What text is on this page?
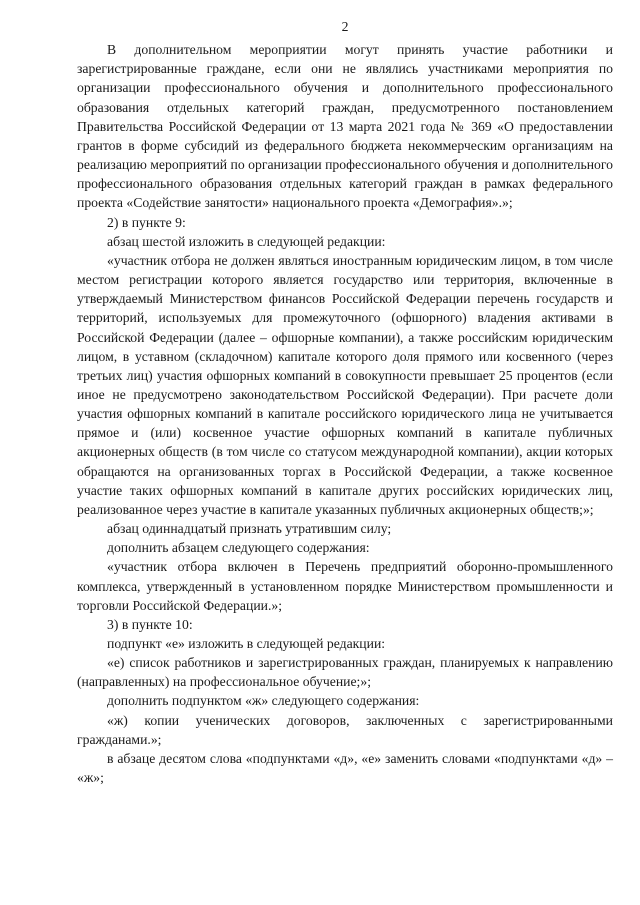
2

В дополнительном мероприятии могут принять участие работники и зарегистрированные граждане, если они не являлись участниками мероприятия по организации профессионального обучения и дополнительного профессионального образования отдельных категорий граждан, предусмотренного постановлением Правительства Российской Федерации от 13 марта 2021 года № 369 «О предоставлении грантов в форме субсидий из федерального бюджета некоммерческим организациям на реализацию мероприятий по организации профессионального обучения и дополнительного профессионального образования отдельных категорий граждан в рамках федерального проекта «Содействие занятости» национального проекта «Демография».»;

2) в пункте 9:

абзац шестой изложить в следующей редакции:

«участник отбора не должен являться иностранным юридическим лицом, в том числе местом регистрации которого является государство или территория, включенные в утверждаемый Министерством финансов Российской Федерации перечень государств и территорий, используемых для промежуточного (офшорного) владения активами в Российской Федерации (далее – офшорные компании), а также российским юридическим лицом, в уставном (складочном) капитале которого доля прямого или косвенного (через третьих лиц) участия офшорных компаний в совокупности превышает 25 процентов (если иное не предусмотрено законодательством Российской Федерации). При расчете доли участия офшорных компаний в капитале российского юридического лица не учитывается прямое и (или) косвенное участие офшорных компаний в капитале публичных акционерных обществ (в том числе со статусом международной компании), акции которых обращаются на организованных торгах в Российской Федерации, а также косвенное участие таких офшорных компаний в капитале других российских юридических лиц, реализованное через участие в капитале указанных публичных акционерных обществ;»;

абзац одиннадцатый признать утратившим силу;

дополнить абзацем следующего содержания:

«участник отбора включен в Перечень предприятий оборонно-промышленного комплекса, утвержденный в установленном порядке Министерством промышленности и торговли Российской Федерации.»;

3) в пункте 10:

подпункт «е» изложить в следующей редакции:

«е) список работников и зарегистрированных граждан, планируемых к направлению (направленных) на профессиональное обучение;»;

дополнить подпунктом «ж» следующего содержания:

«ж) копии ученических договоров, заключенных с зарегистрированными гражданами.»;

в абзаце десятом слова «подпунктами «д», «е» заменить словами «подпунктами «д» – «ж»;
